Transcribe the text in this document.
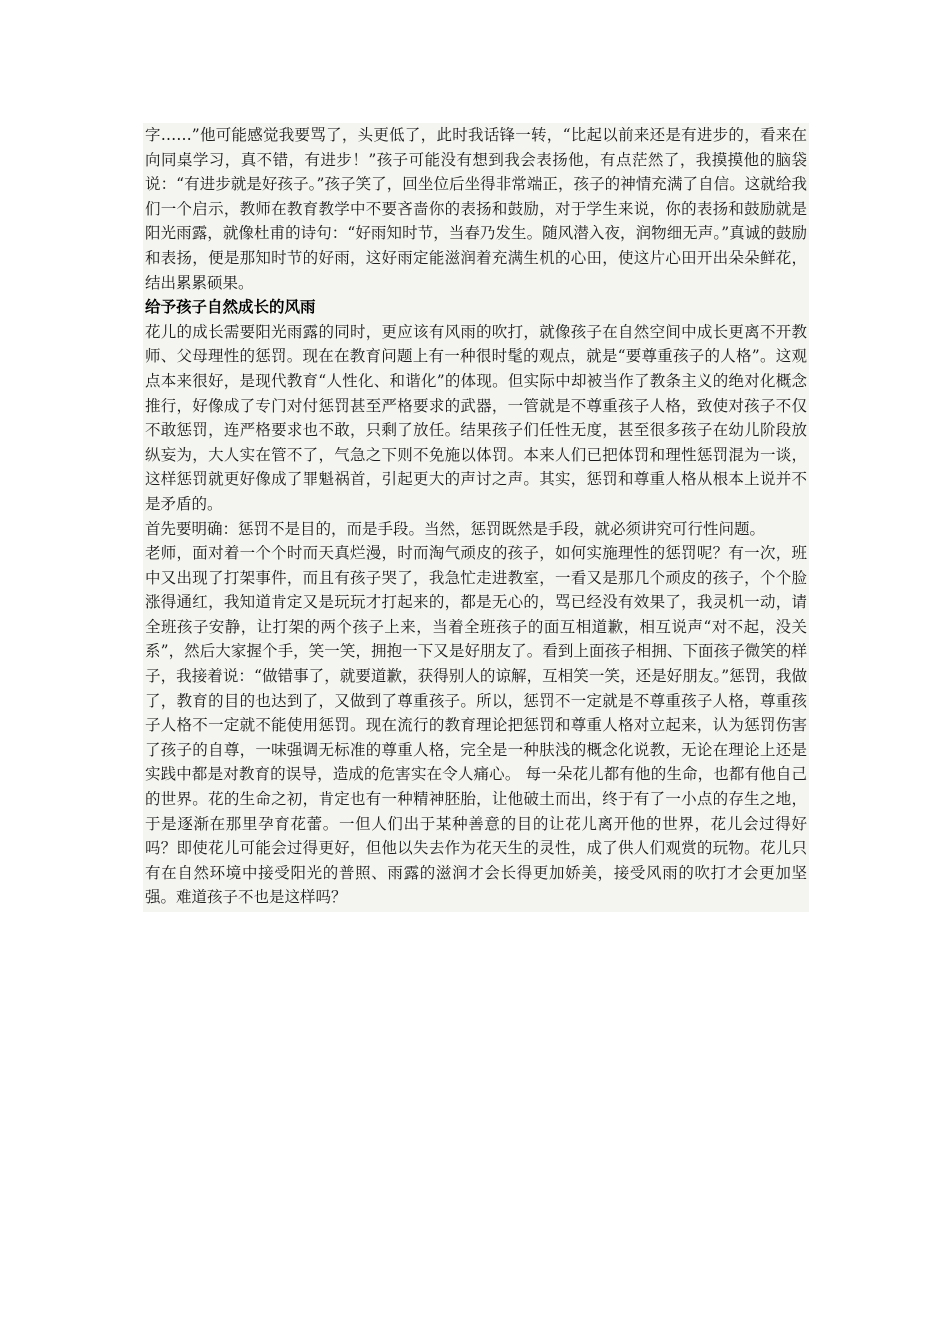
字……”他可能感觉我要骂了，头更低了，此时我话锋一转，“比起以前来还是有进步的，看来在向同桌学习，真不错，有进步！”孩子可能没有想到我会表扬他，有点茫然了，我摸摸他的脑袋说：“有进步就是好孩子。”孩子笑了，回坐位后坐得非常端正，孩子的神情充满了自信。这就给我们一个启示，教师在教育教学中不要吝啬你的表扬和鼓励，对于学生来说，你的表扬和鼓励就是阳光雨露，就像杜甫的诗句：“好雨知时节，当春乃发生。随风潜入夜，润物细无声。”真诚的鼓励和表扬，便是那知时节的好雨，这好雨定能滋润着充满生机的心田，使这片心田开出朵朵鲜花，结出累累硕果。

给予孩子自然成长的风雨

花儿的成长需要阳光雨露的同时，更应该有风雨的吹打，就像孩子在自然空间中成长更离不开教师、父母理性的惩罚。现在在教育问题上有一种很时髦的观点，就是“要尊重孩子的人格”。这观点本来很好，是现代教育“人性化、和谐化”的体现。但实际中却被当作了教条主义的绝对化概念推行，好像成了专门对付惩罚甚至严格要求的武器，一管就是不尊重孩子人格，致使对孩子不仅不敢惩罚，连严格要求也不敢，只剩了放任。结果孩子们任性无度，甚至很多孩子在幼儿阶段放纵妄为，大人实在管不了，气急之下则不免施以体罚。本来人们已把体罚和理性惩罚混为一谈，这样惩罚就更好像成了罪魁祸首，引起更大的声讨之声。其实，惩罚和尊重人格从根本上说并不是矛盾的。

首先要明确：惩罚不是目的，而是手段。当然，惩罚既然是手段，就必须讲究可行性问题。

老师，面对着一个个时而天真烂漫，时而淘气顽皮的孩子，如何实施理性的惩罚呢？有一次，班中又出现了打架事件，而且有孩子哭了，我急忙走进教室，一看又是那几个顽皮的孩子，个个脸涨得通红，我知道肯定又是玩玩才打起来的，都是无心的，骂已经没有效果了，我灵机一动，请全班孩子安静，让打架的两个孩子上来，当着全班孩子的面互相道歉，相互说声“对不起，没关系”，然后大家握个手，笑一笑，拥抱一下又是好朋友了。看到上面孩子相拥、下面孩子微笑的样子，我接着说：“做错事了，就要道歉，获得别人的谅解，互相笑一笑，还是好朋友。”惩罚，我做了，教育的目的也达到了，又做到了尊重孩子。所以，惩罚不一定就是不尊重孩子人格，尊重孩子人格不一定就不能使用惩罚。现在流行的教育理论把惩罚和尊重人格对立起来，认为惩罚伤害了孩子的自尊，一味强调无标准的尊重人格，完全是一种肤浅的概念化说教，无论在理论上还是实践中都是对教育的误导，造成的危害实在令人痛心。 每一朵花儿都有他的生命，也都有他自己的世界。花的生命之初，肯定也有一种精神胚胎，让他破土而出，终于有了一小点的存生之地，于是逐渐在那里孕育花蕾。一但人们出于某种善意的目的让花儿离开他的世界，花儿会过得好吗？即使花儿可能会过得更好，但他以失去作为花天生的灵性，成了供人们观赏的玩物。花儿只有在自然环境中接受阳光的普照、雨露的滋润才会长得更加娇美，接受风雨的吹打才会更加坚强。难道孩子不也是这样吗？
